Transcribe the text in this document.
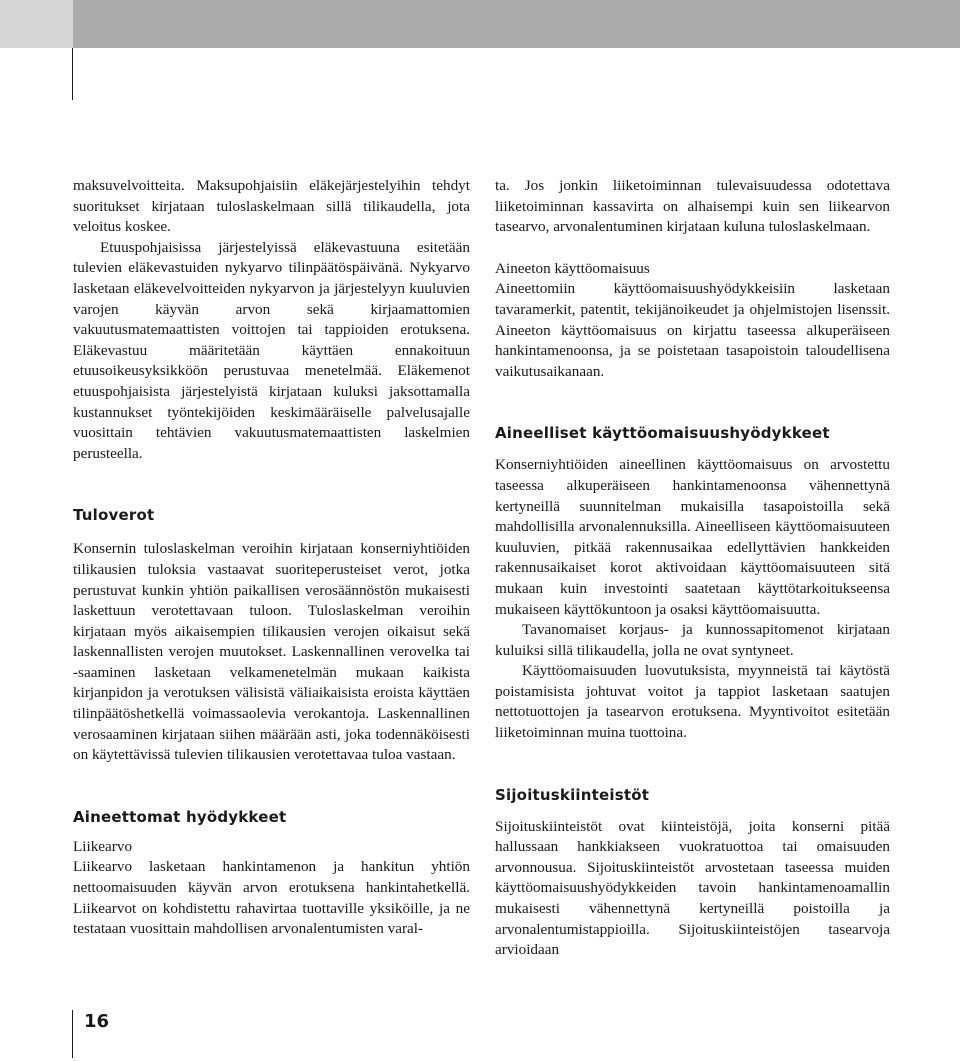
maksuvelvoitteita. Maksupohjaisiin eläkejärjestelyihin tehdyt suoritukset kirjataan tuloslaskelmaan sillä tilikaudella, jota veloitus koskee.

Etuuspohjaisissa järjestelyissä eläkevastuuna esitetään tulevien eläkevastuiden nykyarvo tilinpäätöspäivänä. Nykyarvo lasketaan eläkevelvoitteiden nykyarvon ja järjestelyyn kuuluvien varojen käyvän arvon sekä kirjaamattomien vakuutusmatemaattisten voittojen tai tappioiden erotuksena. Eläkevastuu määritetään käyttäen ennakoituun etuusoikeusyksikköön perustuvaa menetelmää. Eläkemenot etuuspohjaisista järjestelyistä kirjataan kuluksi jaksottamalla kustannukset työntekijöiden keskimääräiselle palvelusajalle vuosittain tehtävien vakuutusmatemaattisten laskelmien perusteella.

Tuloverot

Konsernin tuloslaskelman veroihin kirjataan konserniyhtiöiden tilikausien tuloksia vastaavat suoriteperusteiset verot, jotka perustuvat kunkin yhtiön paikallisen verosäännöstön mukaisesti laskettuun verotettavaan tuloon. Tuloslaskelman veroihin kirjataan myös aikaisempien tilikausien verojen oikaisut sekä laskennallisten verojen muutokset. Laskennallinen verovelka tai -saaminen lasketaan velkamenetelmän mukaan kaikista kirjanpidon ja verotuksen välisistä väliaikaisista eroista käyttäen tilinpäätöshetkellä voimassaolevia verokantoja. Laskennallinen verosaaminen kirjataan siihen määrään asti, joka todennäköisesti on käytettävissä tulevien tilikausien verotettavaa tuloa vastaan.

Aineettomat hyödykkeet
Liikearvo

Liikearvo lasketaan hankintamenon ja hankitun yhtiön nettoomaisuuden käyvän arvon erotuksena hankintahetkellä. Liikearvot on kohdistettu rahavirtaa tuottaville yksiköille, ja ne testataan vuosittain mahdollisen arvonalentumisten varal-

ta. Jos jonkin liiketoiminnan tulevaisuudessa odotettava liiketoiminnan kassavirta on alhaisempi kuin sen liikearvon tasearvo, arvonalentuminen kirjataan kuluna tuloslaskelmaan.

Aineeton käyttöomaisuus

Aineettomiin käyttöomaisuushyödykkeisiin lasketaan tavaramerkit, patentit, tekijänoikeudet ja ohjelmistojen lisenssit. Aineeton käyttöomaisuus on kirjattu taseessa alkuperäiseen hankintamenoonsa, ja se poistetaan tasapoistoin taloudellisena vaikutusaikanaan.

Aineelliset käyttöomaisuushyödykkeet

Konserniyhtiöiden aineellinen käyttöomaisuus on arvostettu taseessa alkuperäiseen hankintamenoonsa vähennettynä kertyneillä suunnitelman mukaisilla tasapoistoilla sekä mahdollisilla arvonalennuksilla. Aineelliseen käyttöomaisuuteen kuuluvien, pitkää rakennusaikaa edellyttävien hankkeiden rakennusaikaiset korot aktivoidaan käyttöomaisuuteen sitä mukaan kuin investointi saatetaan käyttötarkoitukseensa mukaiseen käyttökuntoon ja osaksi käyttöomaisuutta.

Tavanomaiset korjaus- ja kunnossapitomenot kirjataan kuluiksi sillä tilikaudella, jolla ne ovat syntyneet.

Käyttöomaisuuden luovutuksista, myynneistä tai käytöstä poistamisista johtuvat voitot ja tappiot lasketaan saatujen nettotuottojen ja tasearvon erotuksena. Myyntivoitot esitetään liiketoiminnan muina tuottoina.

Sijoituskiinteistöt

Sijoituskiinteistöt ovat kiinteistöjä, joita konserni pitää hallussaan hankkiakseen vuokratuottoa tai omaisuuden arvonnousua. Sijoituskiinteistöt arvostetaan taseessa muiden käyttöomaisuushyödykkeiden tavoin hankintamenoamallin mukaisesti vähennettynä kertyneillä poistoilla ja arvonalentumistappioilla. Sijoituskiinteistöjen tasearvoja arvioidaan

16
